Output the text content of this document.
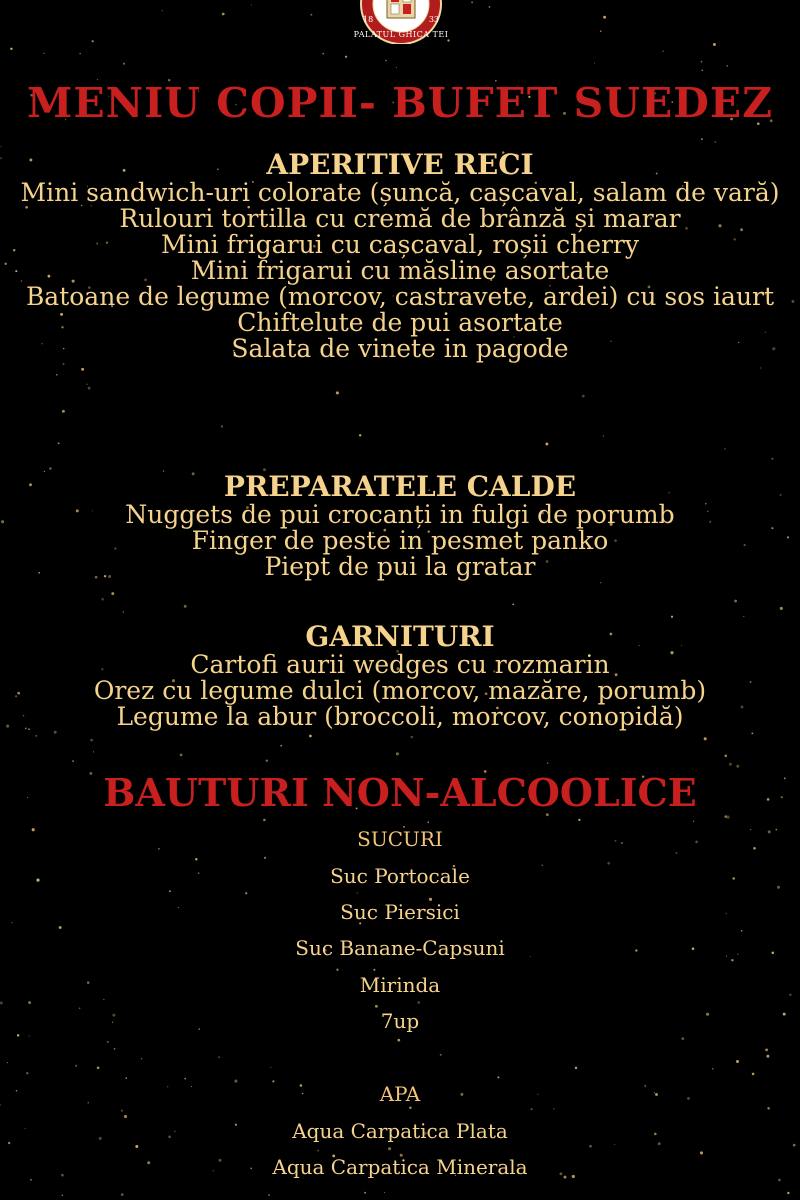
18	33
PALATUL GHICA TEI
MENIU COPII- BUFET SUEDEZ
APERITIVE RECI

Mini sandwich-uri colorate (șuncă, cașcaval, salam de vară)

Rulouri tortilla cu cremă de brânză și marar

Mini frigarui cu cașcaval, roșii cherry

Mini frigarui cu măsline asortate

Batoane de legume (morcov, castravete, ardei) cu sos iaurt

Chiftelute de pui asortate

Salata de vinete in pagode

PREPARATELE CALDE

Nuggets de pui crocanți in fulgi de porumb

Finger de peste in pesmet panko

Piept de pui la gratar

GARNITURI

Cartofi aurii wedges cu rozmarin

Orez cu legume dulci (morcov, mazăre, porumb)

Legume la abur (broccoli, morcov, conopidă)

BAUTURI NON-ALCOOLICE

SUCURI

Suc Portocale

Suc Piersici

Suc Banane-Capsuni

Mirinda

7up

APA

Aqua Carpatica Plata

Aqua Carpatica Minerala
